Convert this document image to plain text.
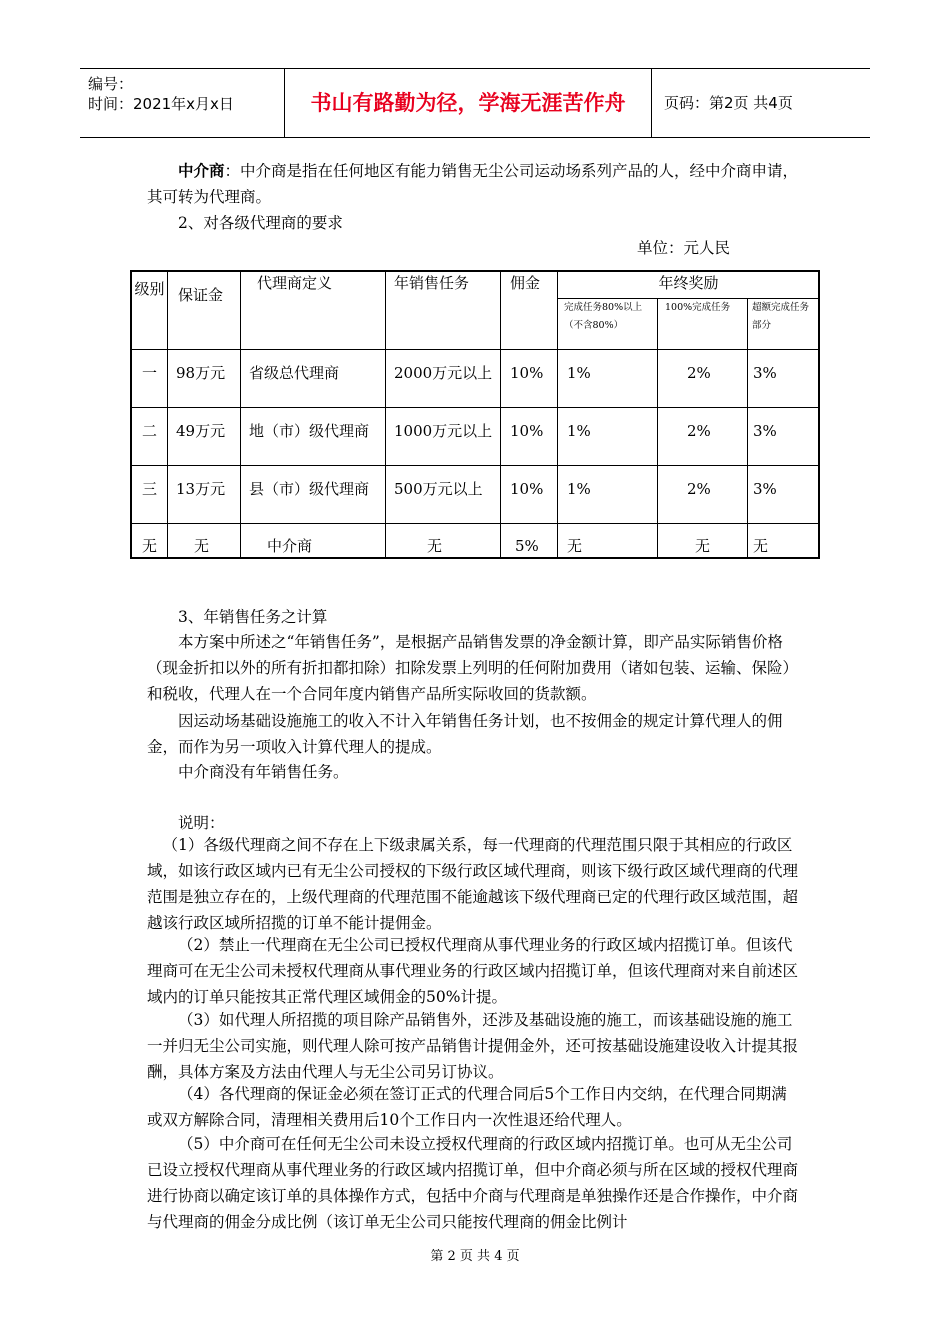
编号：
时间：2021年x月x日	书山有路勤为径，学海无涯苦作舟	页码：第2页 共4页
中介商：中介商是指在任何地区有能力销售无尘公司运动场系列产品的人，经中介商申请，其可转为代理商。
2、对各级代理商的要求
单位：元人民
级别 保证金
代理商定义	年销售任务	佣金	年终奖励
完成任务80%以上（不含80%）
100%完成任务	超额完成任务部分
一	98万元 省级总代理商	2000万元以上 10% 1%	2%	3%
二	49万元 地（市）级代理商	1000万元以上 10% 1%	2%	3%
三	13万元 县（市）级代理商	500万元以上	10% 1%	2%	3%
无	无	中介商	无	5% 无	无	无
3、年销售任务之计算
本方案中所述之“年销售任务”，是根据产品销售发票的净金额计算，即产品实际销售价格（现金折扣以外的所有折扣都扣除）扣除发票上列明的任何附加费用（诸如包装、运输、保险）和税收，代理人在一个合同年度内销售产品所实际收回的货款额。
因运动场基础设施施工的收入不计入年销售任务计划，也不按佣金的规定计算代理人的佣金，而作为另一项收入计算代理人的提成。
中介商没有年销售任务。
说明：
（1）各级代理商之间不存在上下级隶属关系，每一代理商的代理范围只限于其相应的行政区域，如该行政区域内已有无尘公司授权的下级行政区域代理商，则该下级行政区域代理商的代理范围是独立存在的，上级代理商的代理范围不能逾越该下级代理商已定的代理行政区域范围，超越该行政区域所招揽的订单不能计提佣金。
（2）禁止一代理商在无尘公司已授权代理商从事代理业务的行政区域内招揽订单。但该代理商可在无尘公司未授权代理商从事代理业务的行政区域内招揽订单，但该代理商对来自前述区域内的订单只能按其正常代理区域佣金的50%计提。
（3）如代理人所招揽的项目除产品销售外，还涉及基础设施的施工，而该基础设施的施工一并归无尘公司实施，则代理人除可按产品销售计提佣金外，还可按基础设施建设收入计提其报酬，具体方案及方法由代理人与无尘公司另订协议。
（4）各代理商的保证金必须在签订正式的代理合同后5个工作日内交纳，在代理合同期满或双方解除合同，清理相关费用后10个工作日内一次性退还给代理人。
（5）中介商可在任何无尘公司未设立授权代理商的行政区域内招揽订单。也可从无尘公司已设立授权代理商从事代理业务的行政区域内招揽订单，但中介商必须与所在区域的授权代理商进行协商以确定该订单的具体操作方式，包括中介商与代理商是单独操作还是合作操作，中介商与代理商的佣金分成比例（该订单无尘公司只能按代理商的佣金比例计
第 2 页 共 4 页
